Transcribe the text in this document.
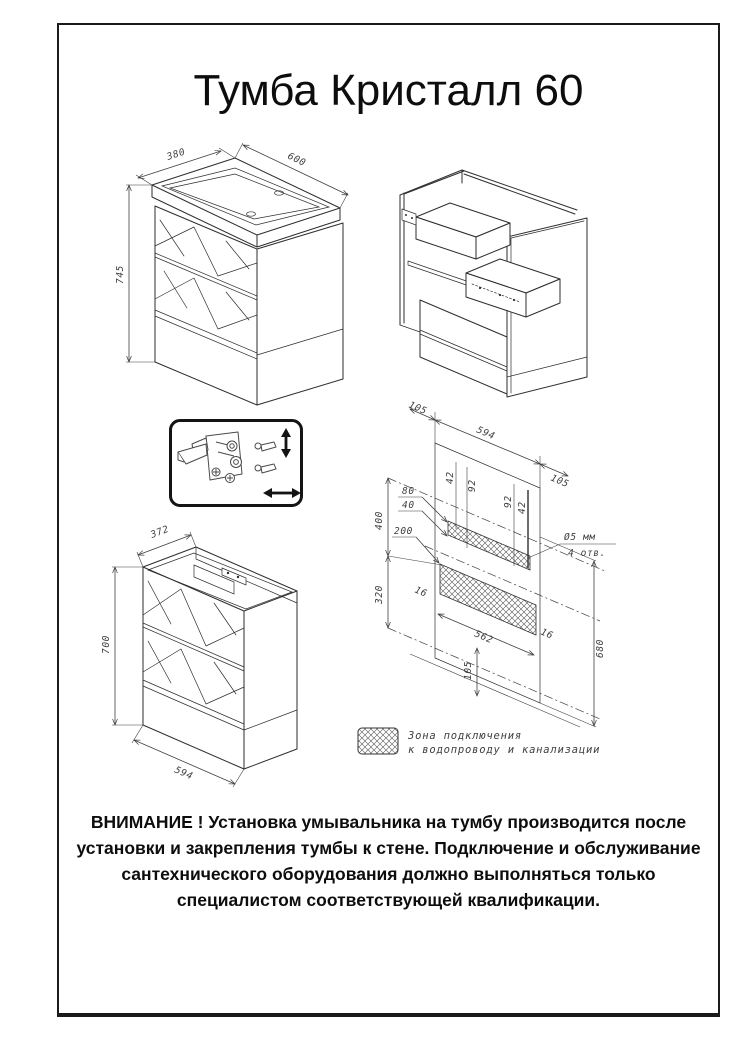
Тумба Кристалл 60
380	600
745
372
700
594
105
594
105
42
92
92 42
400
320
80
40
200
16
562	16
105
680
Ø5 мм
4 отв.
Зона подключения
к водопроводу и канализации
ВНИМАНИЕ ! Установка умывальника на тумбу производится после
установки и закрепления тумбы к стене. Подключение и обслуживание
сантехнического оборудования должно выполняться только
специалистом соответствующей квалификации.
